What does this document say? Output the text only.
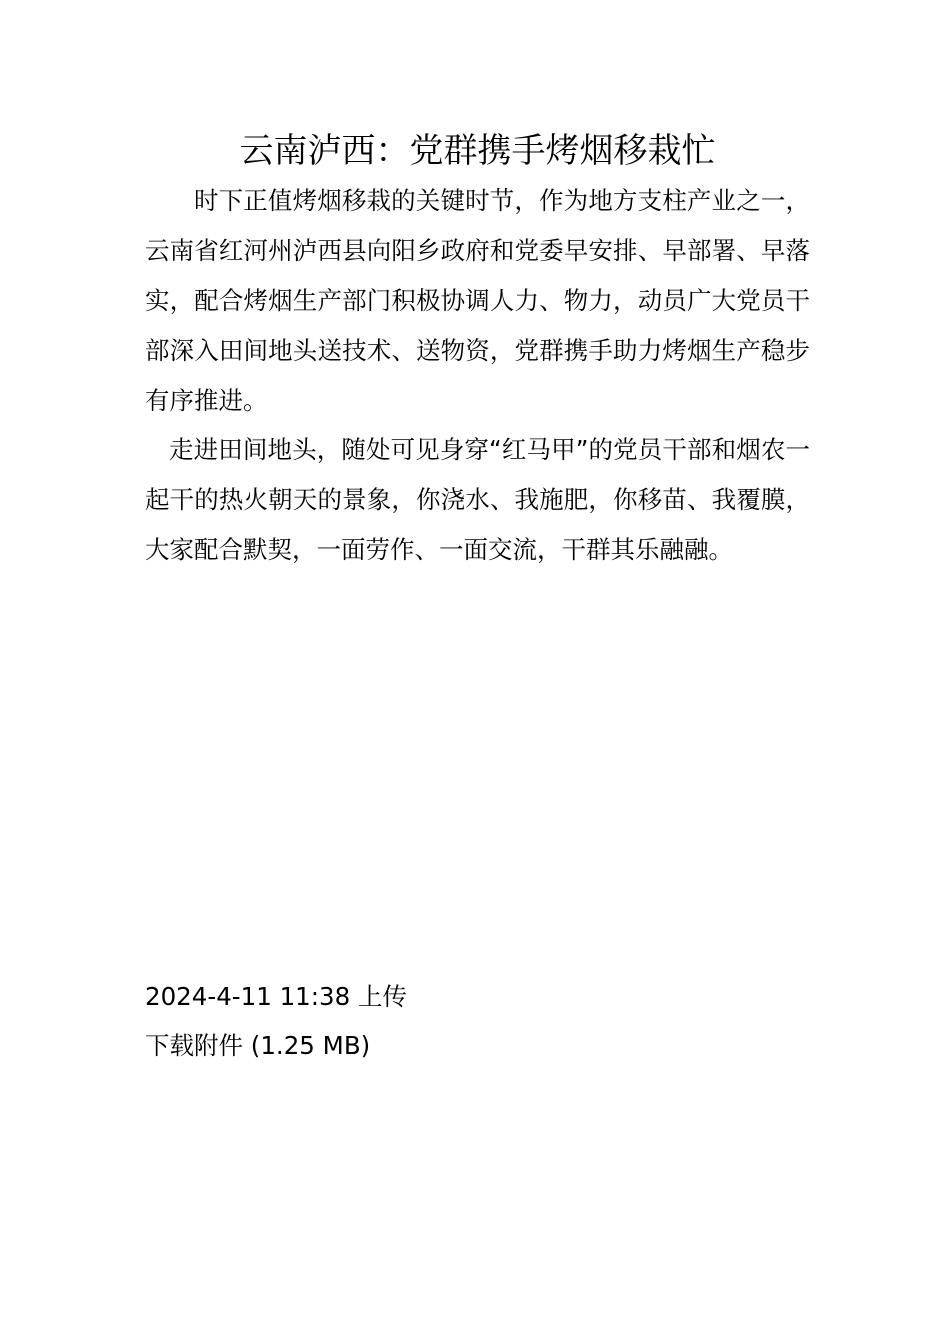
云南泸西：党群携手烤烟移栽忙

时下正值烤烟移栽的关键时节，作为地方支柱产业之一，云南省红河州泸西县向阳乡政府和党委早安排、早部署、早落实，配合烤烟生产部门积极协调人力、物力，动员广大党员干部深入田间地头送技术、送物资，党群携手助力烤烟生产稳步有序推进。

走进田间地头，随处可见身穿“红马甲”的党员干部和烟农一起干的热火朝天的景象，你浇水、我施肥，你移苗、我覆膜，大家配合默契，一面劳作、一面交流，干群其乐融融。

2024-4-11 11:38 上传
下载附件 (1.25 MB)
